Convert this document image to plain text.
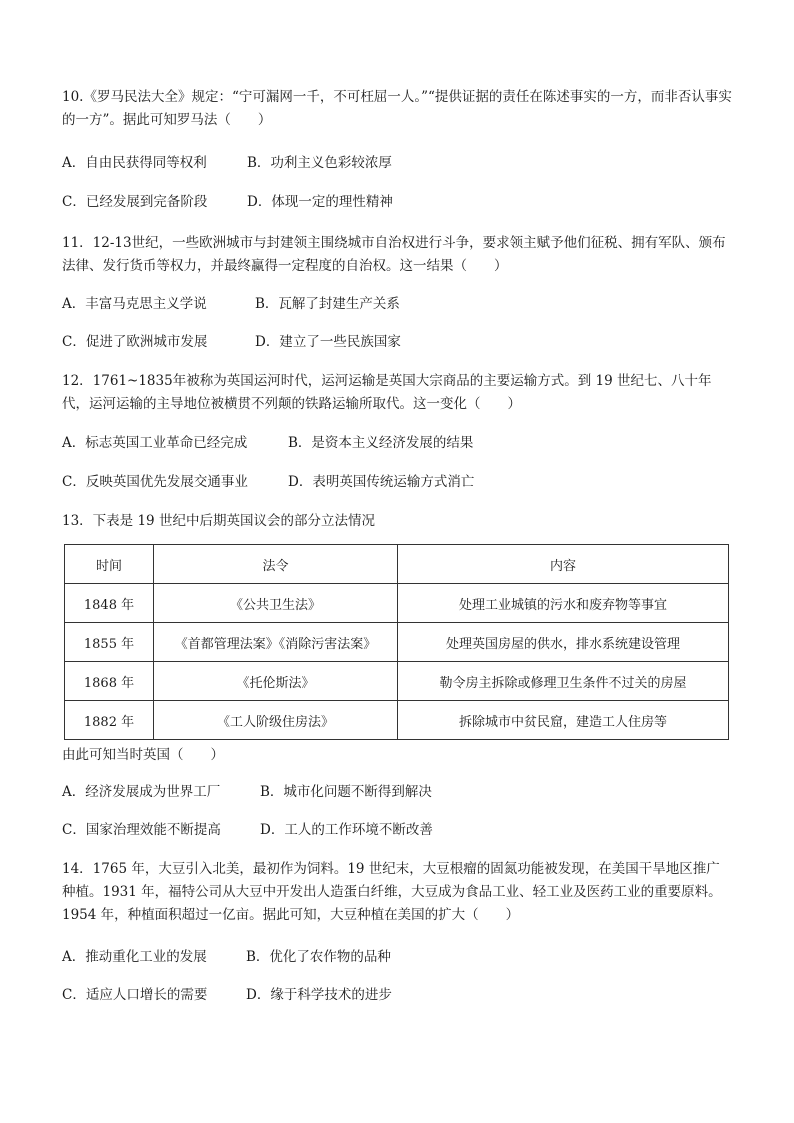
10.《罗马民法大全》规定：“宁可漏网一千，不可枉屈一人。”“提供证据的责任在陈述事实的一方，而非否认事实的一方”。据此可知罗马法（　　）

A．自由民获得同等权利	B．功利主义色彩较浓厚

C．已经发展到完备阶段	D．体现一定的理性精神

11．12-13世纪，一些欧洲城市与封建领主围绕城市自治权进行斗争，要求领主赋予他们征税、拥有军队、颁布法律、发行货币等权力，并最终赢得一定程度的自治权。这一结果（　　）

A．丰富马克思主义学说	B．瓦解了封建生产关系

C．促进了欧洲城市发展	D．建立了一些民族国家

12．1761~1835年被称为英国运河时代，运河运输是英国大宗商品的主要运输方式。到 19 世纪七、八十年代，运河运输的主导地位被横贯不列颠的铁路运输所取代。这一变化（　　）

A．标志英国工业革命已经完成	B．是资本主义经济发展的结果

C．反映英国优先发展交通事业	D．表明英国传统运输方式消亡

13．下表是 19 世纪中后期英国议会的部分立法情况

时间	法令	内容
1848 年	《公共卫生法》	处理工业城镇的污水和废弃物等事宜
1855 年	《首都管理法案》《消除污害法案》	处理英国房屋的供水，排水系统建设管理
1868 年	《托伦斯法》	勒令房主拆除或修理卫生条件不过关的房屋
1882 年	《工人阶级住房法》	拆除城市中贫民窟，建造工人住房等

由此可知当时英国（　　）

A．经济发展成为世界工厂	B．城市化问题不断得到解决

C．国家治理效能不断提高	D．工人的工作环境不断改善

14．1765 年，大豆引入北美，最初作为饲料。19 世纪末，大豆根瘤的固氮功能被发现，在美国干旱地区推广种植。1931 年，福特公司从大豆中开发出人造蛋白纤维，大豆成为食品工业、轻工业及医药工业的重要原料。1954 年，种植面积超过一亿亩。据此可知，大豆种植在美国的扩大（　　）

A．推动重化工业的发展	B．优化了农作物的品种

C．适应人口增长的需要	D．缘于科学技术的进步
